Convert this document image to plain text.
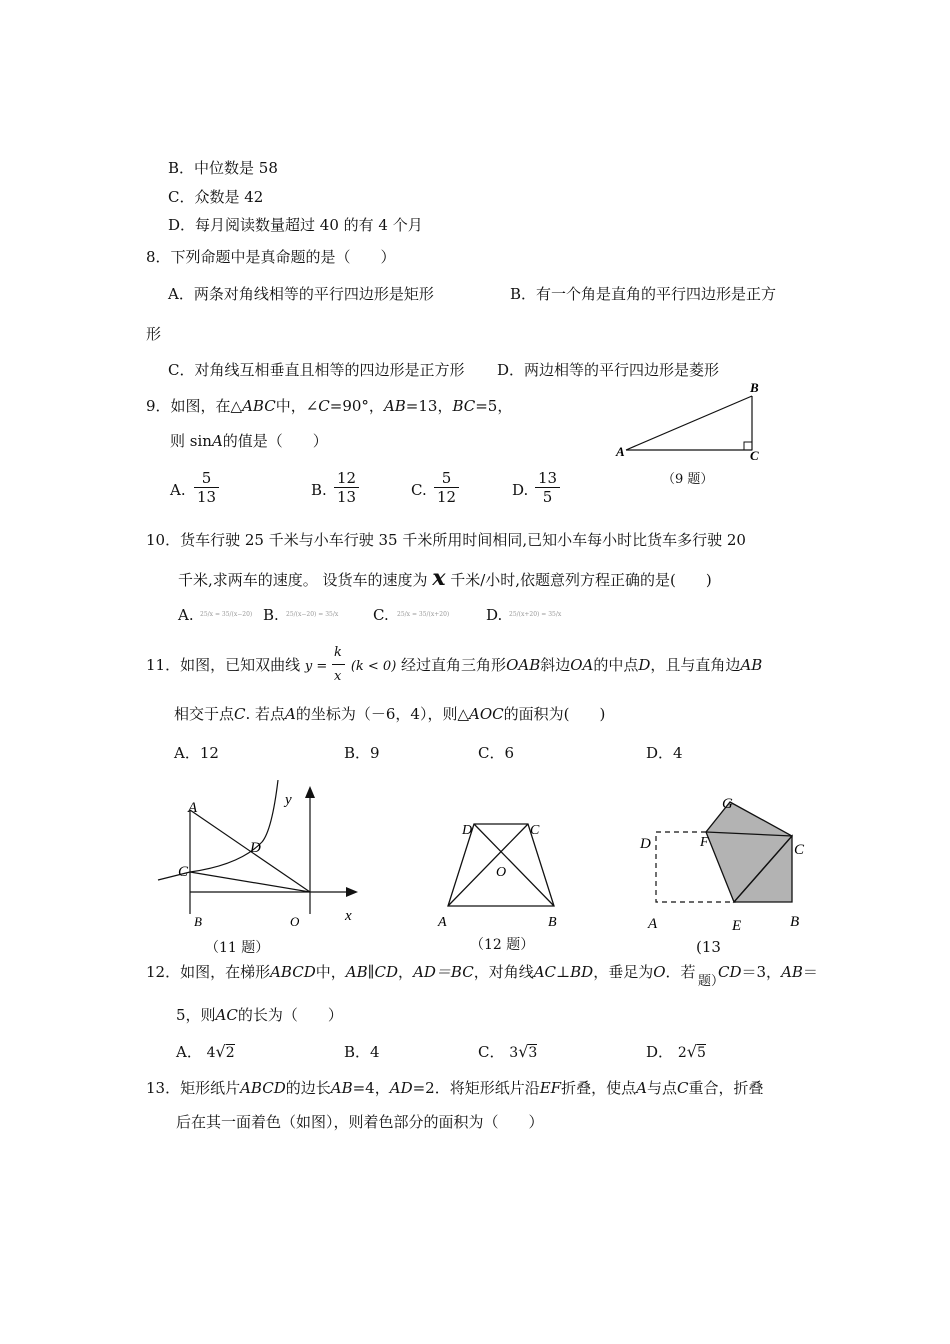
B．中位数是 58
C．众数是 42
D．每月阅读数量超过 40 的有 4 个月
8．下列命题中是真命题的是（　　）
A．两条对角线相等的平行四边形是矩形	B．有一个角是直角的平行四边形是正方
形
C．对角线互相垂直且相等的四边形是正方形 D．两边相等的平行四边形是菱形
9．如图，在△ABC中，∠C=90°，AB=13，BC=5，
则 sinA的值是（　　）
A. $\frac{5}{13}$	B. $\frac{12}{13}$	C. $\frac{5}{12}$	D. $\frac{13}{5}$
A
B
C
（9 题）
10．货车行驶 25 千米与小车行驶 35 千米所用时间相同,已知小车每小时比货车多行驶 20
千米,求两车的速度。 设货车的速度为 x 千米/小时,依题意列方程正确的是(　　)
A. 25/x = 35/(x−20) B. 25/(x−20) = 35/x C. 25/x = 35/(x+20) D. 25/(x+20) = 35/x
11．如图，已知双曲线 $y = \frac{k}{x} (k < 0)$ 经过直角三角形OAB斜边OA的中点D，且与直角边AB
相交于点C. 若点A的坐标为（－6，4），则△AOC的面积为(　　)
A．12	B．9	C．6	D．4
A
C
D
B	O	x
y
（11 题）
D	C
O
A	B
（12 题）
G
D	F	C
A	E	B
(13
题）
12．如图，在梯形ABCD中，AB∥CD，AD＝BC，对角线AC⊥BD，垂足为O．若 CD＝3，AB＝
5，则AC的长为（　　）
A． 4√2	B．4	C． 3√3	D． 2√5
13．矩形纸片ABCD的边长AB=4，AD=2．将矩形纸片沿EF折叠，使点A与点C重合，折叠
后在其一面着色（如图），则着色部分的面积为（　　）
